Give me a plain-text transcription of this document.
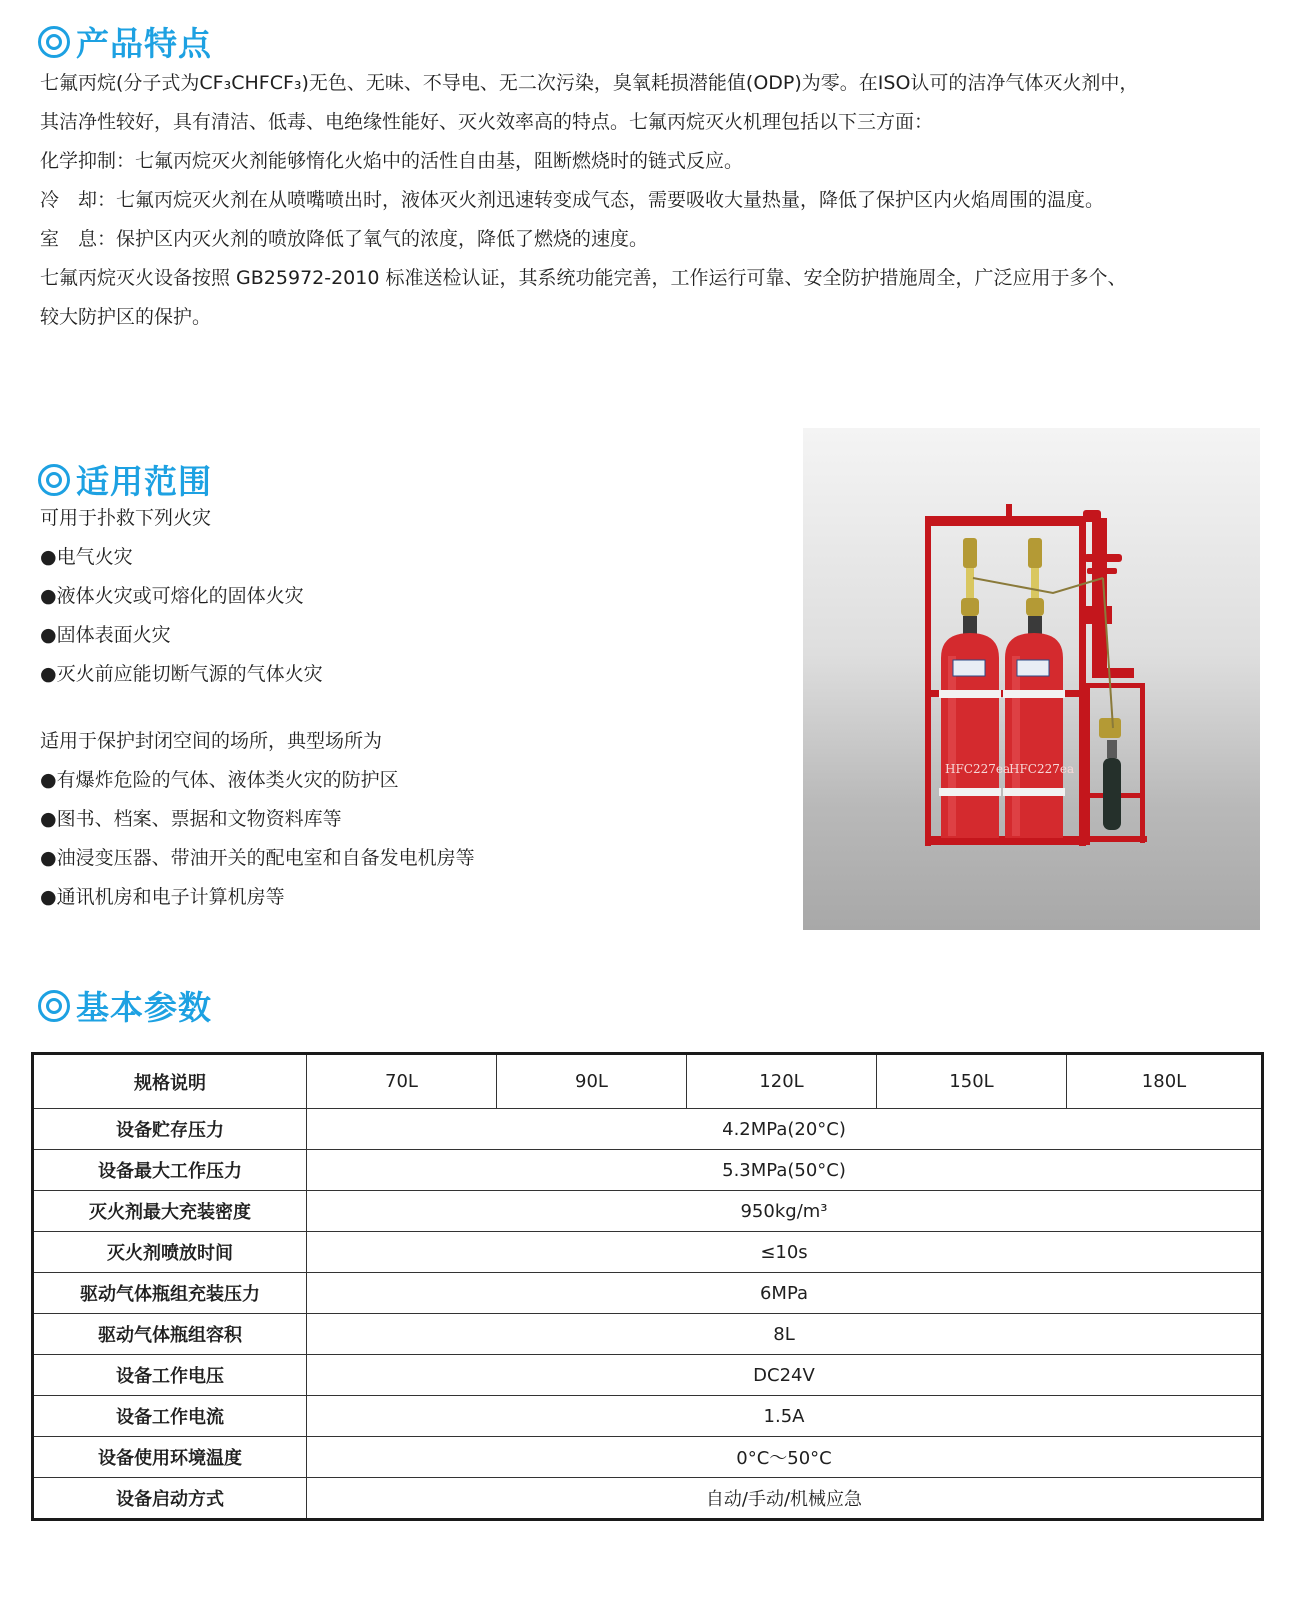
产品特点
七氟丙烷(分子式为CF₃CHFCF₃)无色、无味、不导电、无二次污染，臭氧耗损潜能值(ODP)为零。在ISO认可的洁净气体灭火剂中，
其洁净性较好，具有清洁、低毒、电绝缘性能好、灭火效率高的特点。七氟丙烷灭火机理包括以下三方面：
化学抑制：七氟丙烷灭火剂能够惰化火焰中的活性自由基，阻断燃烧时的链式反应。
冷　却：七氟丙烷灭火剂在从喷嘴喷出时，液体灭火剂迅速转变成气态，需要吸收大量热量，降低了保护区内火焰周围的温度。
室　息：保护区内灭火剂的喷放降低了氧气的浓度，降低了燃烧的速度。
七氟丙烷灭火设备按照 GB25972-2010 标准送检认证，其系统功能完善，工作运行可靠、安全防护措施周全，广泛应用于多个、
较大防护区的保护。
适用范围
可用于扑救下列火灾
● 电气火灾
● 液体火灾或可熔化的固体火灾
● 固体表面火灾
● 灭火前应能切断气源的气体火灾
适用于保护封闭空间的场所，典型场所为
● 有爆炸危险的气体、液体类火灾的防护区
● 图书、档案、票据和文物资料库等
● 油浸变压器、带油开关的配电室和自备发电机房等
● 通讯机房和电子计算机房等
HFC227ea
HFC227ea
基本参数
规格说明	70L	90L	120L	150L	180L
设备贮存压力	4.2MPa(20°C)				
设备最大工作压力	5.3MPa(50°C)				
灭火剂最大充装密度	950kg/m³				
灭火剂喷放时间	≤10s				
驱动气体瓶组充装压力	6MPa				
驱动气体瓶组容积	8L				
设备工作电压	DC24V				
设备工作电流	1.5A				
设备使用环境温度	0°C～50°C				
设备启动方式	自动/手动/机械应急				
